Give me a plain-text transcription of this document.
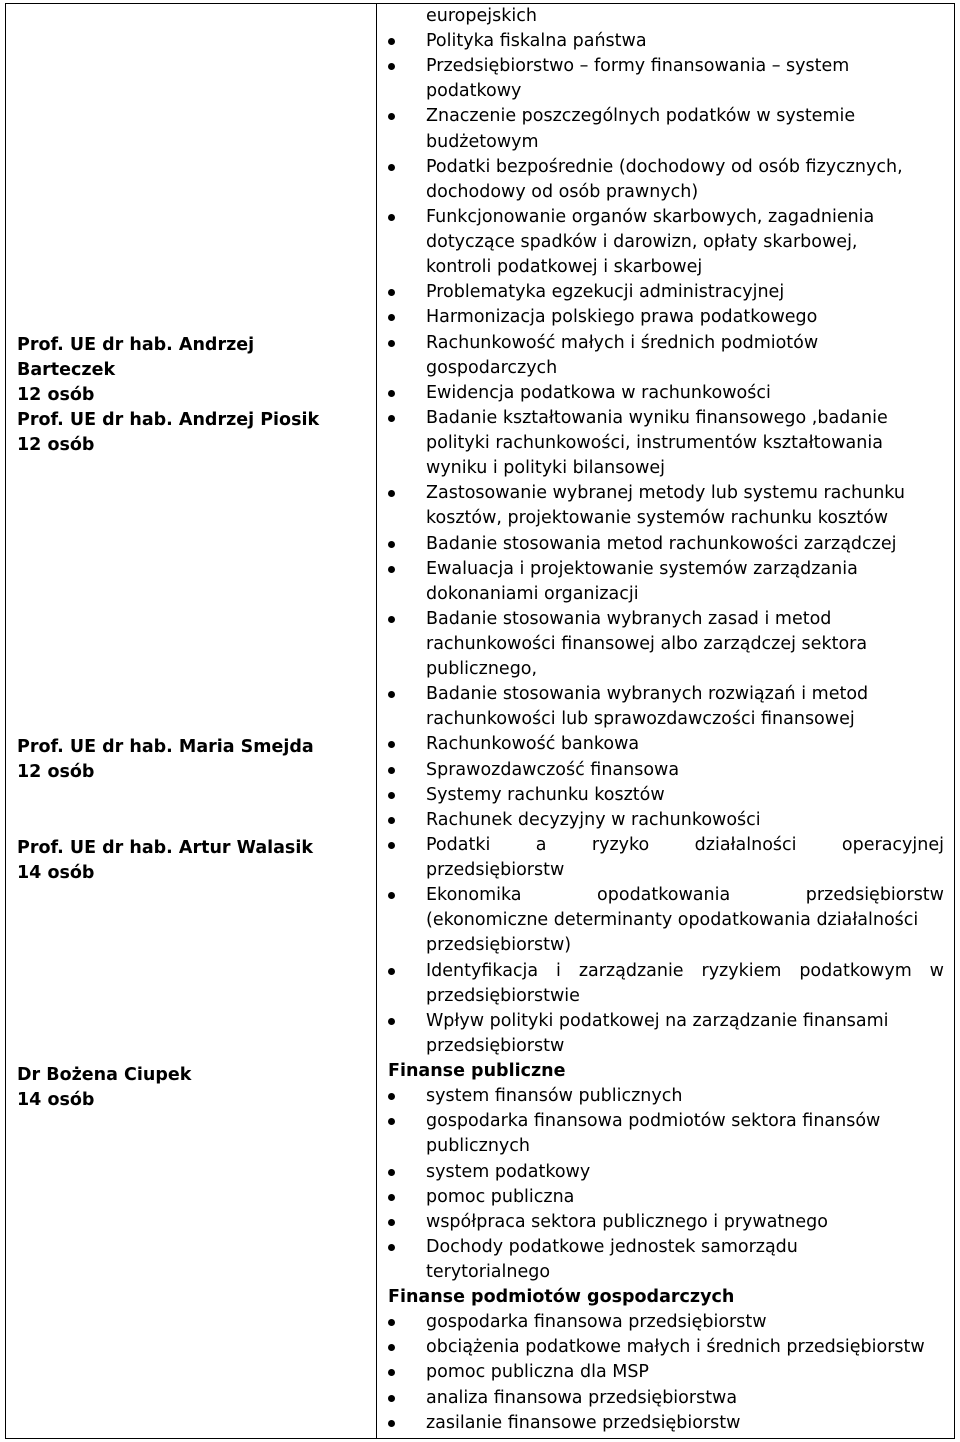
Prof. UE dr hab. Andrzej
Barteczek
12 osób
Prof. UE dr hab. Andrzej Piosik
12 osób
Prof. UE dr hab. Maria Smejda
12 osób
Prof. UE dr hab. Artur Walasik
14 osób
Dr Bożena Ciupek
14 osób
europejskich
Polityka fiskalna państwa
Przedsiębiorstwo – formy finansowania – system
podatkowy
Znaczenie poszczególnych podatków w systemie
budżetowym
Podatki bezpośrednie (dochodowy od osób fizycznych,
dochodowy od osób prawnych)
Funkcjonowanie organów skarbowych, zagadnienia
dotyczące spadków i darowizn, opłaty skarbowej,
kontroli podatkowej i skarbowej
Problematyka egzekucji administracyjnej
Harmonizacja polskiego prawa podatkowego
Rachunkowość małych i średnich podmiotów
gospodarczych
Ewidencja podatkowa w rachunkowości
Badanie kształtowania wyniku finansowego ,badanie
polityki rachunkowości, instrumentów kształtowania
wyniku i polityki bilansowej
Zastosowanie wybranej metody lub systemu rachunku
kosztów, projektowanie systemów rachunku kosztów
Badanie stosowania metod rachunkowości zarządczej
Ewaluacja i projektowanie systemów zarządzania
dokonaniami organizacji
Badanie stosowania wybranych zasad i metod
rachunkowości finansowej albo zarządczej sektora
publicznego,
Badanie stosowania wybranych rozwiązań i metod
rachunkowości lub sprawozdawczości finansowej
Rachunkowość bankowa
Sprawozdawczość finansowa
Systemy rachunku kosztów
Rachunek decyzyjny w rachunkowości
Podatki a ryzyko działalności operacyjnej
przedsiębiorstw
Ekonomika opodatkowania przedsiębiorstw
(ekonomiczne determinanty opodatkowania działalności
przedsiębiorstw)
Identyfikacja i zarządzanie ryzykiem podatkowym w
przedsiębiorstwie
Wpływ polityki podatkowej na zarządzanie finansami
przedsiębiorstw
Finanse publiczne
system finansów publicznych
gospodarka finansowa podmiotów sektora finansów
publicznych
system podatkowy
pomoc publiczna
współpraca sektora publicznego i prywatnego
Dochody podatkowe jednostek samorządu
terytorialnego
Finanse podmiotów gospodarczych
gospodarka finansowa przedsiębiorstw
obciążenia podatkowe małych i średnich przedsiębiorstw
pomoc publiczna dla MSP
analiza finansowa przedsiębiorstwa
zasilanie finansowe przedsiębiorstw
